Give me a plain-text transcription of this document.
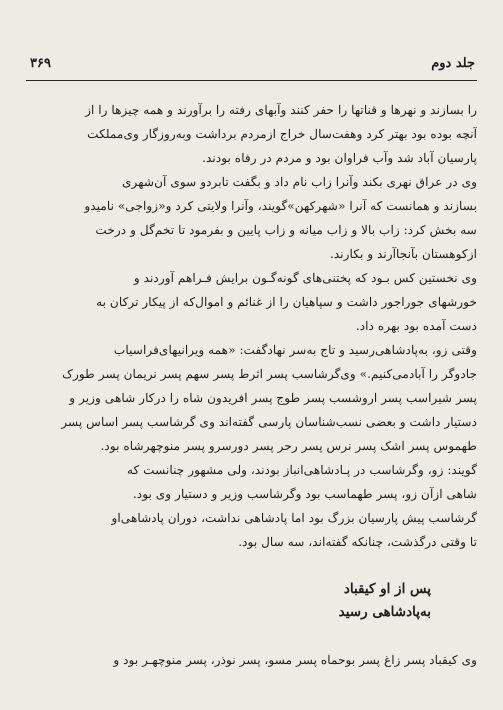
جلد دوم
۳۶۹
را بسازند و نهرها و قناتها را حفر کنند وآبهای رفته را برآورند و همه چیزها را از
آنچه بوده بود بهتر کرد وهفت‌سال خراج ازمردم برداشت وبه‌روزگار وی‌مملکت
پارسیان آباد شد وآب فراوان بود و مردم در رفاه بودند.
وی در عراق نهری بکند وآنرا زاب نام داد و بگفت تابردو سوی آن‌شهری
بسازند و همانست که آنرا «شهرکهن»گویند، وآنرا ولایتی کرد و«زواجی» نامیدو
سه بخش کرد: زاب بالا و زاب میانه و زاب پایین و بفرمود تا تخم‌گل و درخت
ازکوهستان بآنجاآرند و بکارند.
وی نخستین کس بـود که پختنی‌های گونه‌گـون برایش فـراهم آوردند و
خورشهای جوراجور داشت و سپاهیان را از غنائم و اموال‌که از پیکار ترکان به‌
دست آمده بود بهره داد.
وقتی زو، به‌پادشاهی‌رسید و تاج به‌سر نهادگفت: «همه ویرانیهای‌فراسیاب
جادوگر را آبادمی‌کنیم.» وی‌گرشاسب پسر اثرط پسر سهم پسر نریمان پسر طورک
پسر شیراسب پسر اروشسب پسر طوج پسر افریدون شاه را درکار شاهی وزیر و
دستیار داشت و بعضی نسب‌شناسان پارسی گفته‌اند وی گرشاسب پسر اساس پسر
طهموس پسر اشک پسر نرس پسر رحر پسر دورسرو پسر منوچهرشاه بود.
گویند: زو، وگرشاسب در پـادشاهی‌انباز بودند، ولی مشهور چنانست که
شاهی ازآن زو، پسر طهماسب بود وگرشاسب وزیر و دستیار وی بود.
گرشاسب پیش پارسیان بزرگ بود اما پادشاهی نداشت، دوران پادشاهی‌او
تا وقتی درگذشت، چنانکه گفته‌اند، سه سال بود.
پس از او کیقباد
به‌پادشاهی رسید
وی کیقباد پسر زاغ پسر بوحماه پسر مسو، پسر نوذر، پسر منوچهـر بود و
